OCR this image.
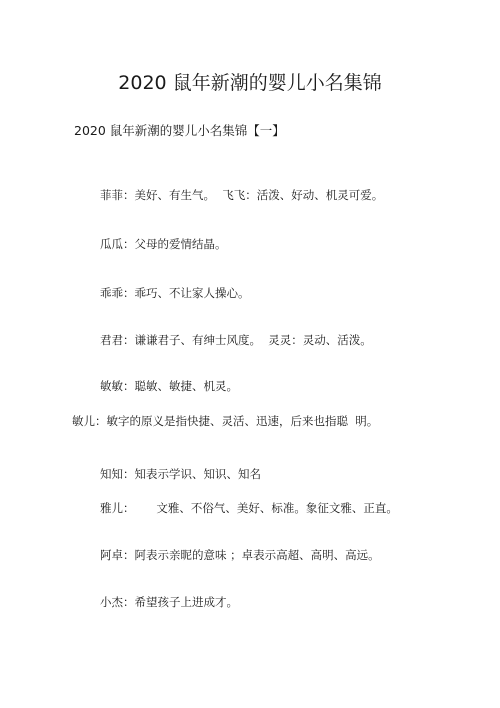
2020 鼠年新潮的婴儿小名集锦
2020 鼠年新潮的婴儿小名集锦【一】
菲菲：美好、有生气。  飞飞：活泼、好动、机灵可爱。
瓜瓜：父母的爱情结晶。
乖乖：乖巧、不让家人操心。
君君：谦谦君子、有绅士风度。  灵灵：灵动、活泼。
敏敏：聪敏、敏捷、机灵。
敏儿：敏字的原义是指快捷、灵活、迅速，后来也指聪  明。
知知：知表示学识、知识、知名
雅儿：      文雅、不俗气、美好、标准。象征文雅、正直。
阿卓：阿表示亲昵的意味 ；卓表示高超、高明、高远。
小杰：希望孩子上进成才。
